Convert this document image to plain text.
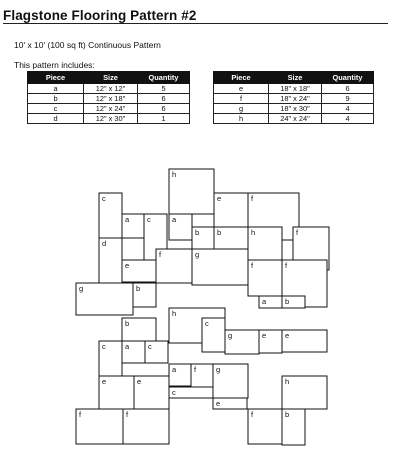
Flagstone Flooring Pattern #2
10' x 10' (100 sq ft) Continuous Pattern
This pattern includes:
Piece	Size	Quantity
a	12" x 12"	5
b	12" x 18"	6
c	12" x 24"	6
d	12" x 30"	1
Piece	Size	Quantity
e	18" x 18"	6
f	18" x 24"	9
g	18" x 30"	4
h	24" x 24"	4
h
c	e	f
a c	a
b b	h	f
d
e
f	g
f	f
g	b
a	b
b
h
c
g	e	e
c	a	c
a f	g
e	e	h
c
e
f	f	f	b
